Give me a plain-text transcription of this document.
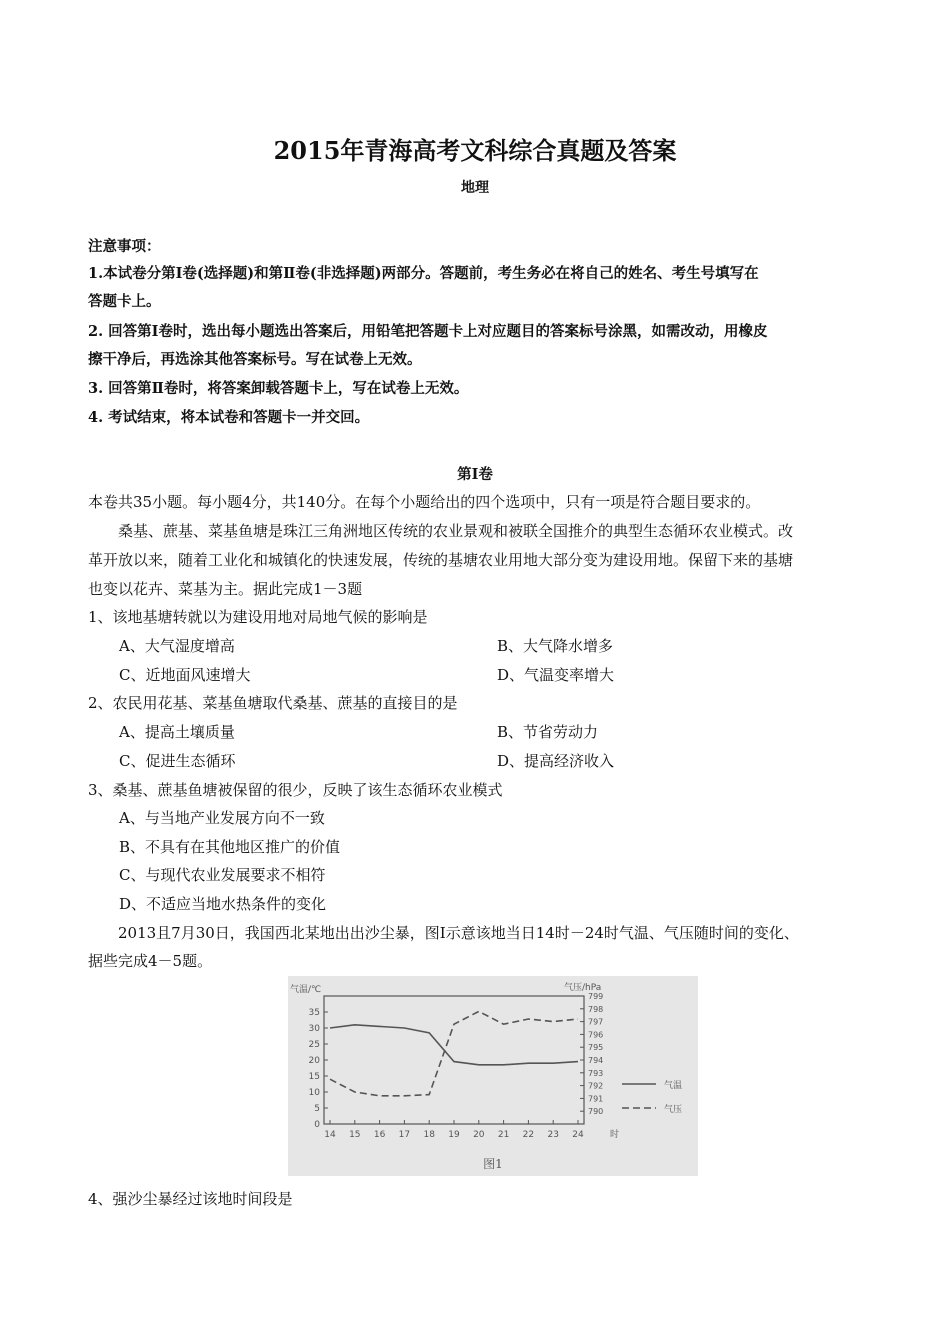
2015年青海高考文科综合真题及答案
地理
注意事项：
1.本试卷分第Ⅰ卷(选择题)和第Ⅱ卷(非选择题)两部分。答题前，考生务必在将自己的姓名、考生号填写在
答题卡上。
2. 回答第Ⅰ卷时，选出每小题选出答案后，用铅笔把答题卡上对应题目的答案标号涂黑，如需改动，用橡皮
擦干净后，再选涂其他答案标号。写在试卷上无效。
3. 回答第Ⅱ卷时，将答案卸载答题卡上，写在试卷上无效。
4. 考试结束，将本试卷和答题卡一并交回。
第Ⅰ卷
本卷共35小题。每小题4分，共140分。在每个小题给出的四个选项中，只有一项是符合题目要求的。
桑基、蔗基、菜基鱼塘是珠江三角洲地区传统的农业景观和被联全国推介的典型生态循环农业模式。改
革开放以来，随着工业化和城镇化的快速发展，传统的基塘农业用地大部分变为建设用地。保留下来的基塘
也变以花卉、菜基为主。据此完成1－3题
1、该地基塘转就以为建设用地对局地气候的影响是
A、大气湿度增高	B、大气降水增多
C、近地面风速增大	D、气温变率增大
2、农民用花基、菜基鱼塘取代桑基、蔗基的直接目的是
A、提高土壤质量	B、节省劳动力
C、促进生态循环	D、提高经济收入
3、桑基、蔗基鱼塘被保留的很少，反映了该生态循环农业模式
A、与当地产业发展方向不一致
B、不具有在其他地区推广的价值
C、与现代农业发展要求不相符
D、不适应当地水热条件的变化
2013且7月30日，我国西北某地出出沙尘暴，图Ⅰ示意该地当日14时－24时气温、气压随时间的变化、
据些完成4－5题。
0
5
10
15
20
25
30
35
790
791
792
793
794
795
796
797
798
799
14 15 16 17 18 19 20 21 22 23 24	时
气温/℃	气压/hPa
气温
气压
图1
4、强沙尘暴经过该地时间段是
